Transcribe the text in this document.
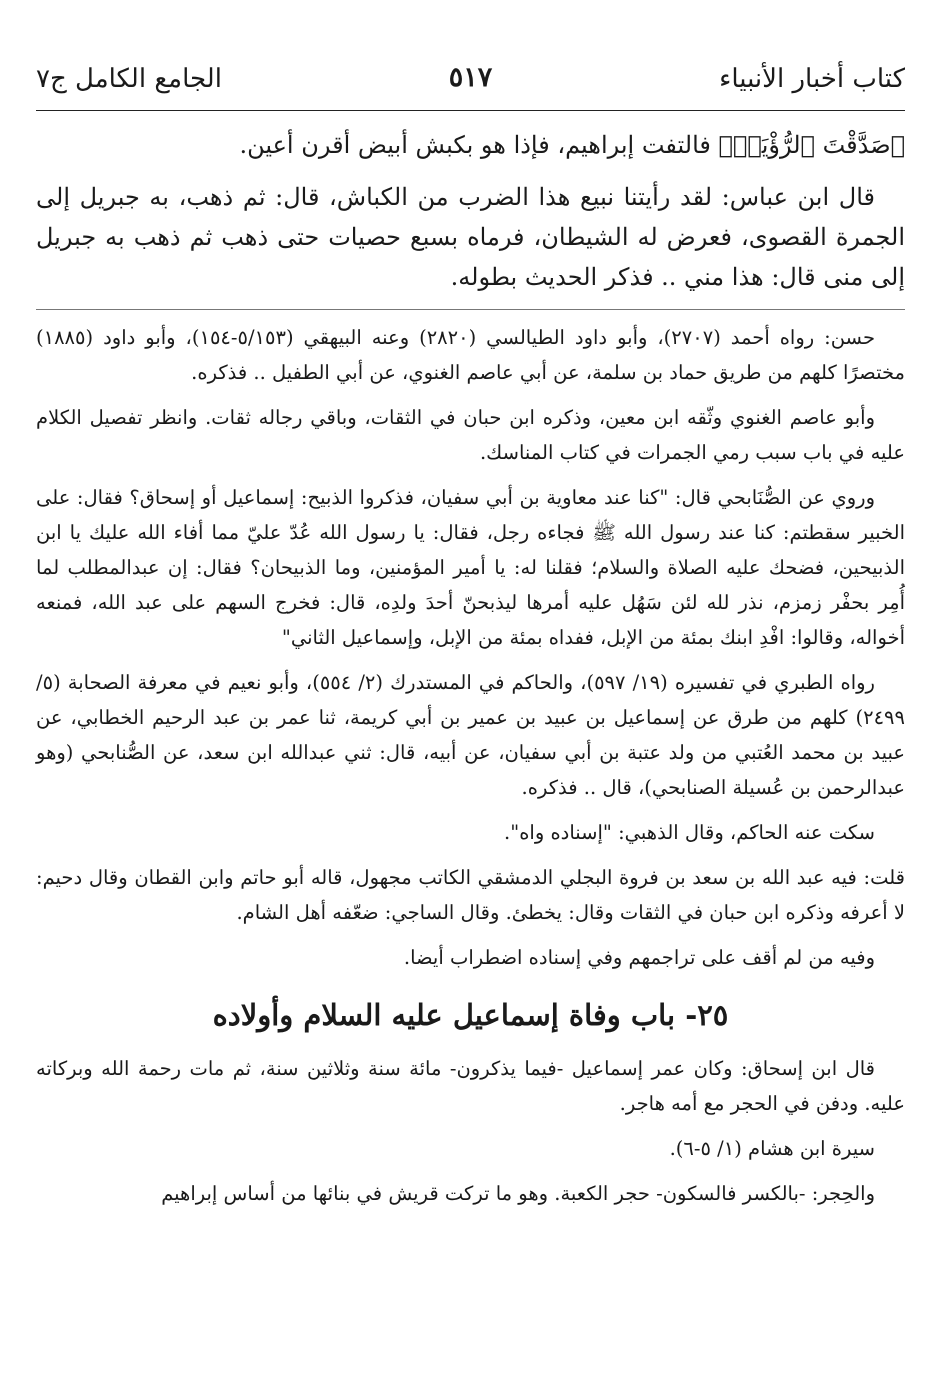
كتاب أخبار الأنبياء
٥١٧
الجامع الكامل ج٧

﴿صَدَّقْتَ ٱلرُّؤْيَاۚ﴾ فالتفت إبراهيم، فإذا هو بكبش أبيض أقرن أعين.

قال ابن عباس: لقد رأيتنا نبيع هذا الضرب من الكباش، قال: ثم ذهب، به جبريل إلى الجمرة القصوى، فعرض له الشيطان، فرماه بسبع حصيات حتى ذهب ثم ذهب به جبريل إلى منى قال: هذا مني .. فذكر الحديث بطوله.

حسن: رواه أحمد (٢٧٠٧)، وأبو داود الطيالسي (٢٨٢٠) وعنه البيهقي (٥/١٥٣-١٥٤)، وأبو داود (١٨٨٥) مختصرًا كلهم من طريق حماد بن سلمة، عن أبي عاصم الغنوي، عن أبي الطفيل .. فذكره.

وأبو عاصم الغنوي وثّقه ابن معين، وذكره ابن حبان في الثقات، وباقي رجاله ثقات. وانظر تفصيل الكلام عليه في باب سبب رمي الجمرات في كتاب المناسك.

وروي عن الصُّنَابحي قال: "كنا عند معاوية بن أبي سفيان، فذكروا الذبيح: إسماعيل أو إسحاق؟ فقال: على الخبير سقطتم: كنا عند رسول الله ﷺ فجاءه رجل، فقال: يا رسول الله عُدّ عليّ مما أفاء الله عليك يا ابن الذبيحين، فضحك عليه الصلاة والسلام؛ فقلنا له: يا أمير المؤمنين، وما الذبيحان؟ فقال: إن عبدالمطلب لما أُمِر بحفْر زمزم، نذر لله لئن سَهُل عليه أمرها ليذبحنّ أحدَ ولدِه، قال: فخرج السهم على عبد الله، فمنعه أخواله، وقالوا: افْدِ ابنك بمئة من الإبل، ففداه بمئة من الإبل، وإسماعيل الثاني"

رواه الطبري في تفسيره (١٩/ ٥٩٧)، والحاكم في المستدرك (٢/ ٥٥٤)، وأبو نعيم في معرفة الصحابة (٥/ ٢٤٩٩) كلهم من طرق عن إسماعيل بن عبيد بن عمير بن أبي كريمة، ثنا عمر بن عبد الرحيم الخطابي، عن عبيد بن محمد العُتبي من ولد عتبة بن أبي سفيان، عن أبيه، قال: ثني عبدالله ابن سعد، عن الصُّنابحي (وهو عبدالرحمن بن عُسيلة الصنابحي)، قال .. فذكره.

سكت عنه الحاكم، وقال الذهبي: "إسناده واه".

قلت: فيه عبد الله بن سعد بن فروة البجلي الدمشقي الكاتب مجهول، قاله أبو حاتم وابن القطان وقال دحيم: لا أعرفه وذكره ابن حبان في الثقات وقال: يخطئ. وقال الساجي: ضعّفه أهل الشام.

وفيه من لم أقف على تراجمهم وفي إسناده اضطراب أيضا.

٢٥- باب وفاة إسماعيل عليه السلام وأولاده

قال ابن إسحاق: وكان عمر إسماعيل -فيما يذكرون- مائة سنة وثلاثين سنة، ثم مات رحمة الله وبركاته عليه. ودفن في الحجر مع أمه هاجر.

سيرة ابن هشام (١/ ٥-٦).

والحِجر: -بالكسر فالسكون- حجر الكعبة. وهو ما تركت قريش في بنائها من أساس إبراهيم
